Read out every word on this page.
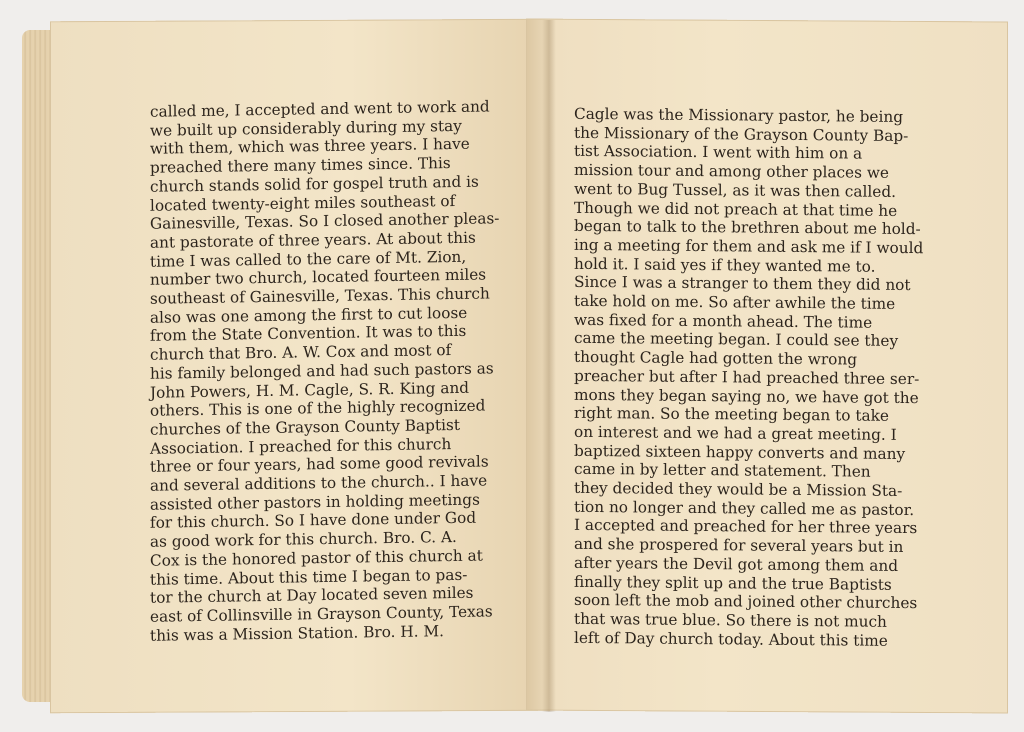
called me, I accepted and went to work and
we built up considerably during my stay
with them, which was three years. I have
preached there many times since. This
church stands solid for gospel truth and is
located twenty-eight miles southeast of
Gainesville, Texas. So I closed another pleas-
ant pastorate of three years. At about this
time I was called to the care of Mt. Zion,
number two church, located fourteen miles
southeast of Gainesville, Texas. This church
also was one among the first to cut loose
from the State Convention. It was to this
church that Bro. A. W. Cox and most of
his family belonged and had such pastors as
John Powers, H. M. Cagle, S. R. King and
others. This is one of the highly recognized
churches of the Grayson County Baptist
Association. I preached for this church
three or four years, had some good revivals
and several additions to the church.. I have
assisted other pastors in holding meetings
for this church. So I have done under God
as good work for this church. Bro. C. A.
Cox is the honored pastor of this church at
this time. About this time I began to pas-
tor the church at Day located seven miles
east of Collinsville in Grayson County, Texas
this was a Mission Station. Bro. H. M.
Cagle was the Missionary pastor, he being
the Missionary of the Grayson County Bap-
tist Association. I went with him on a
mission tour and among other places we
went to Bug Tussel, as it was then called.
Though we did not preach at that time he
began to talk to the brethren about me hold-
ing a meeting for them and ask me if I would
hold it. I said yes if they wanted me to.
Since I was a stranger to them they did not
take hold on me. So after awhile the time
was fixed for a month ahead. The time
came the meeting began. I could see they
thought Cagle had gotten the wrong
preacher but after I had preached three ser-
mons they began saying no, we have got the
right man. So the meeting began to take
on interest and we had a great meeting. I
baptized sixteen happy converts and many
came in by letter and statement. Then
they decided they would be a Mission Sta-
tion no longer and they called me as pastor.
I accepted and preached for her three years
and she prospered for several years but in
after years the Devil got among them and
finally they split up and the true Baptists
soon left the mob and joined other churches
that was true blue. So there is not much
left of Day church today. About this time
